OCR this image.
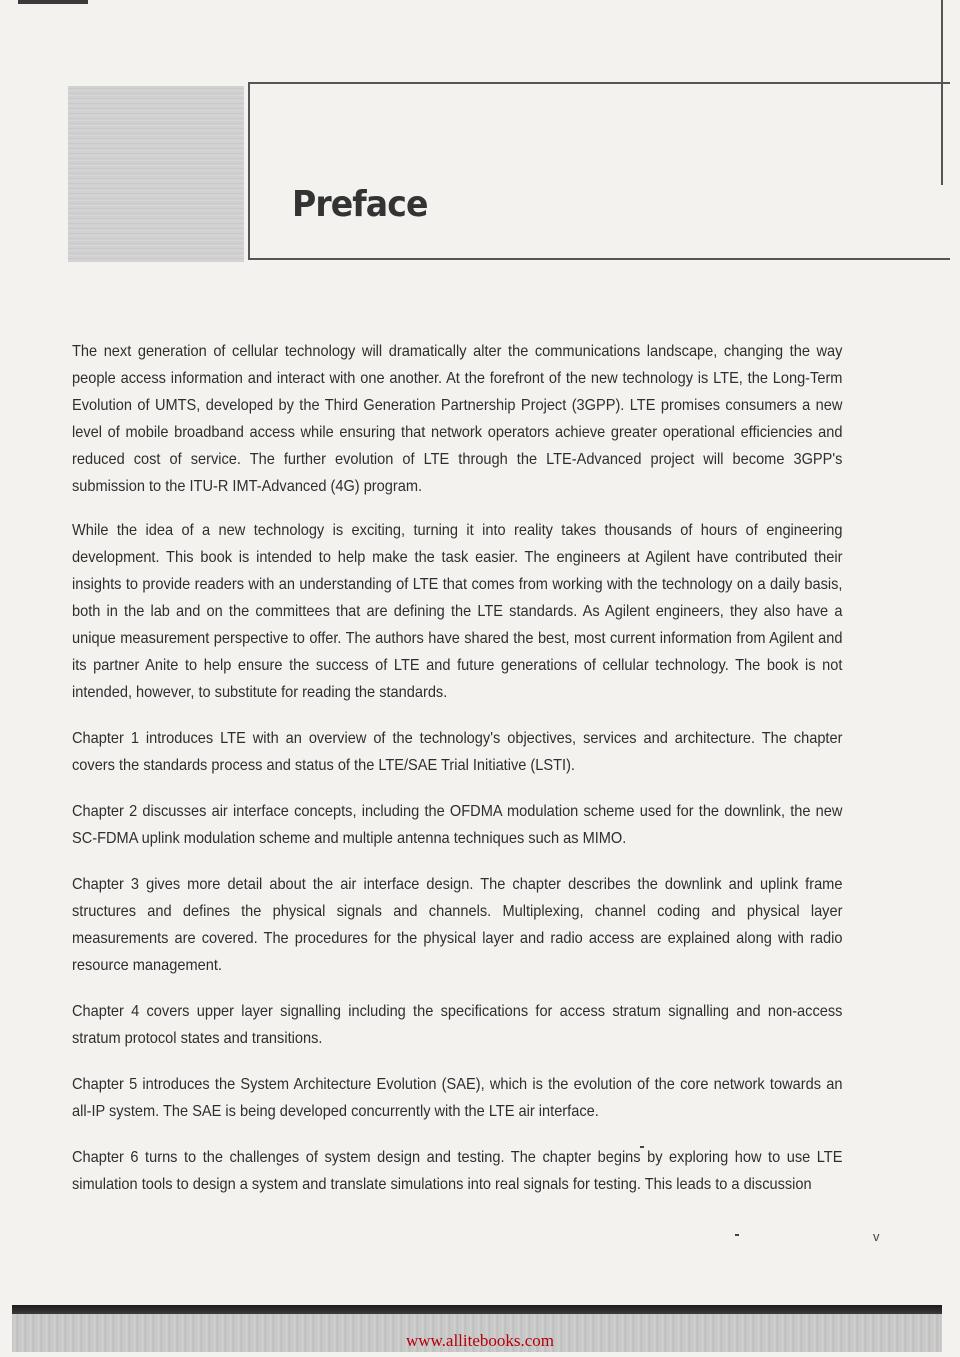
Preface

The next generation of cellular technology will dramatically alter the communications landscape, changing the way people access information and interact with one another. At the forefront of the new technology is LTE, the Long-Term Evolution of UMTS, developed by the Third Generation Partnership Project (3GPP). LTE promises consumers a new level of mobile broadband access while ensuring that network operators achieve greater operational efficiencies and reduced cost of service. The further evolution of LTE through the LTE-Advanced project will become 3GPP's submission to the ITU-R IMT-Advanced (4G) program.

While the idea of a new technology is exciting, turning it into reality takes thousands of hours of engineering development. This book is intended to help make the task easier. The engineers at Agilent have contributed their insights to provide readers with an understanding of LTE that comes from working with the technology on a daily basis, both in the lab and on the committees that are defining the LTE standards. As Agilent engineers, they also have a unique measurement perspective to offer. The authors have shared the best, most current information from Agilent and its partner Anite to help ensure the success of LTE and future generations of cellular technology. The book is not intended, however, to substitute for reading the standards.

Chapter 1 introduces LTE with an overview of the technology's objectives, services and architecture. The chapter covers the standards process and status of the LTE/SAE Trial Initiative (LSTI).

Chapter 2 discusses air interface concepts, including the OFDMA modulation scheme used for the downlink, the new SC-FDMA uplink modulation scheme and multiple antenna techniques such as MIMO.

Chapter 3 gives more detail about the air interface design. The chapter describes the downlink and uplink frame structures and defines the physical signals and channels. Multiplexing, channel coding and physical layer measurements are covered. The procedures for the physical layer and radio access are explained along with radio resource management.

Chapter 4 covers upper layer signalling including the specifications for access stratum signalling and non-access stratum protocol states and transitions.

Chapter 5 introduces the System Architecture Evolution (SAE), which is the evolution of the core network towards an all-IP system. The SAE is being developed concurrently with the LTE air interface.

Chapter 6 turns to the challenges of system design and testing. The chapter begins by exploring how to use LTE simulation tools to design a system and translate simulations into real signals for testing. This leads to a discussion

v
www.allitebooks.com
